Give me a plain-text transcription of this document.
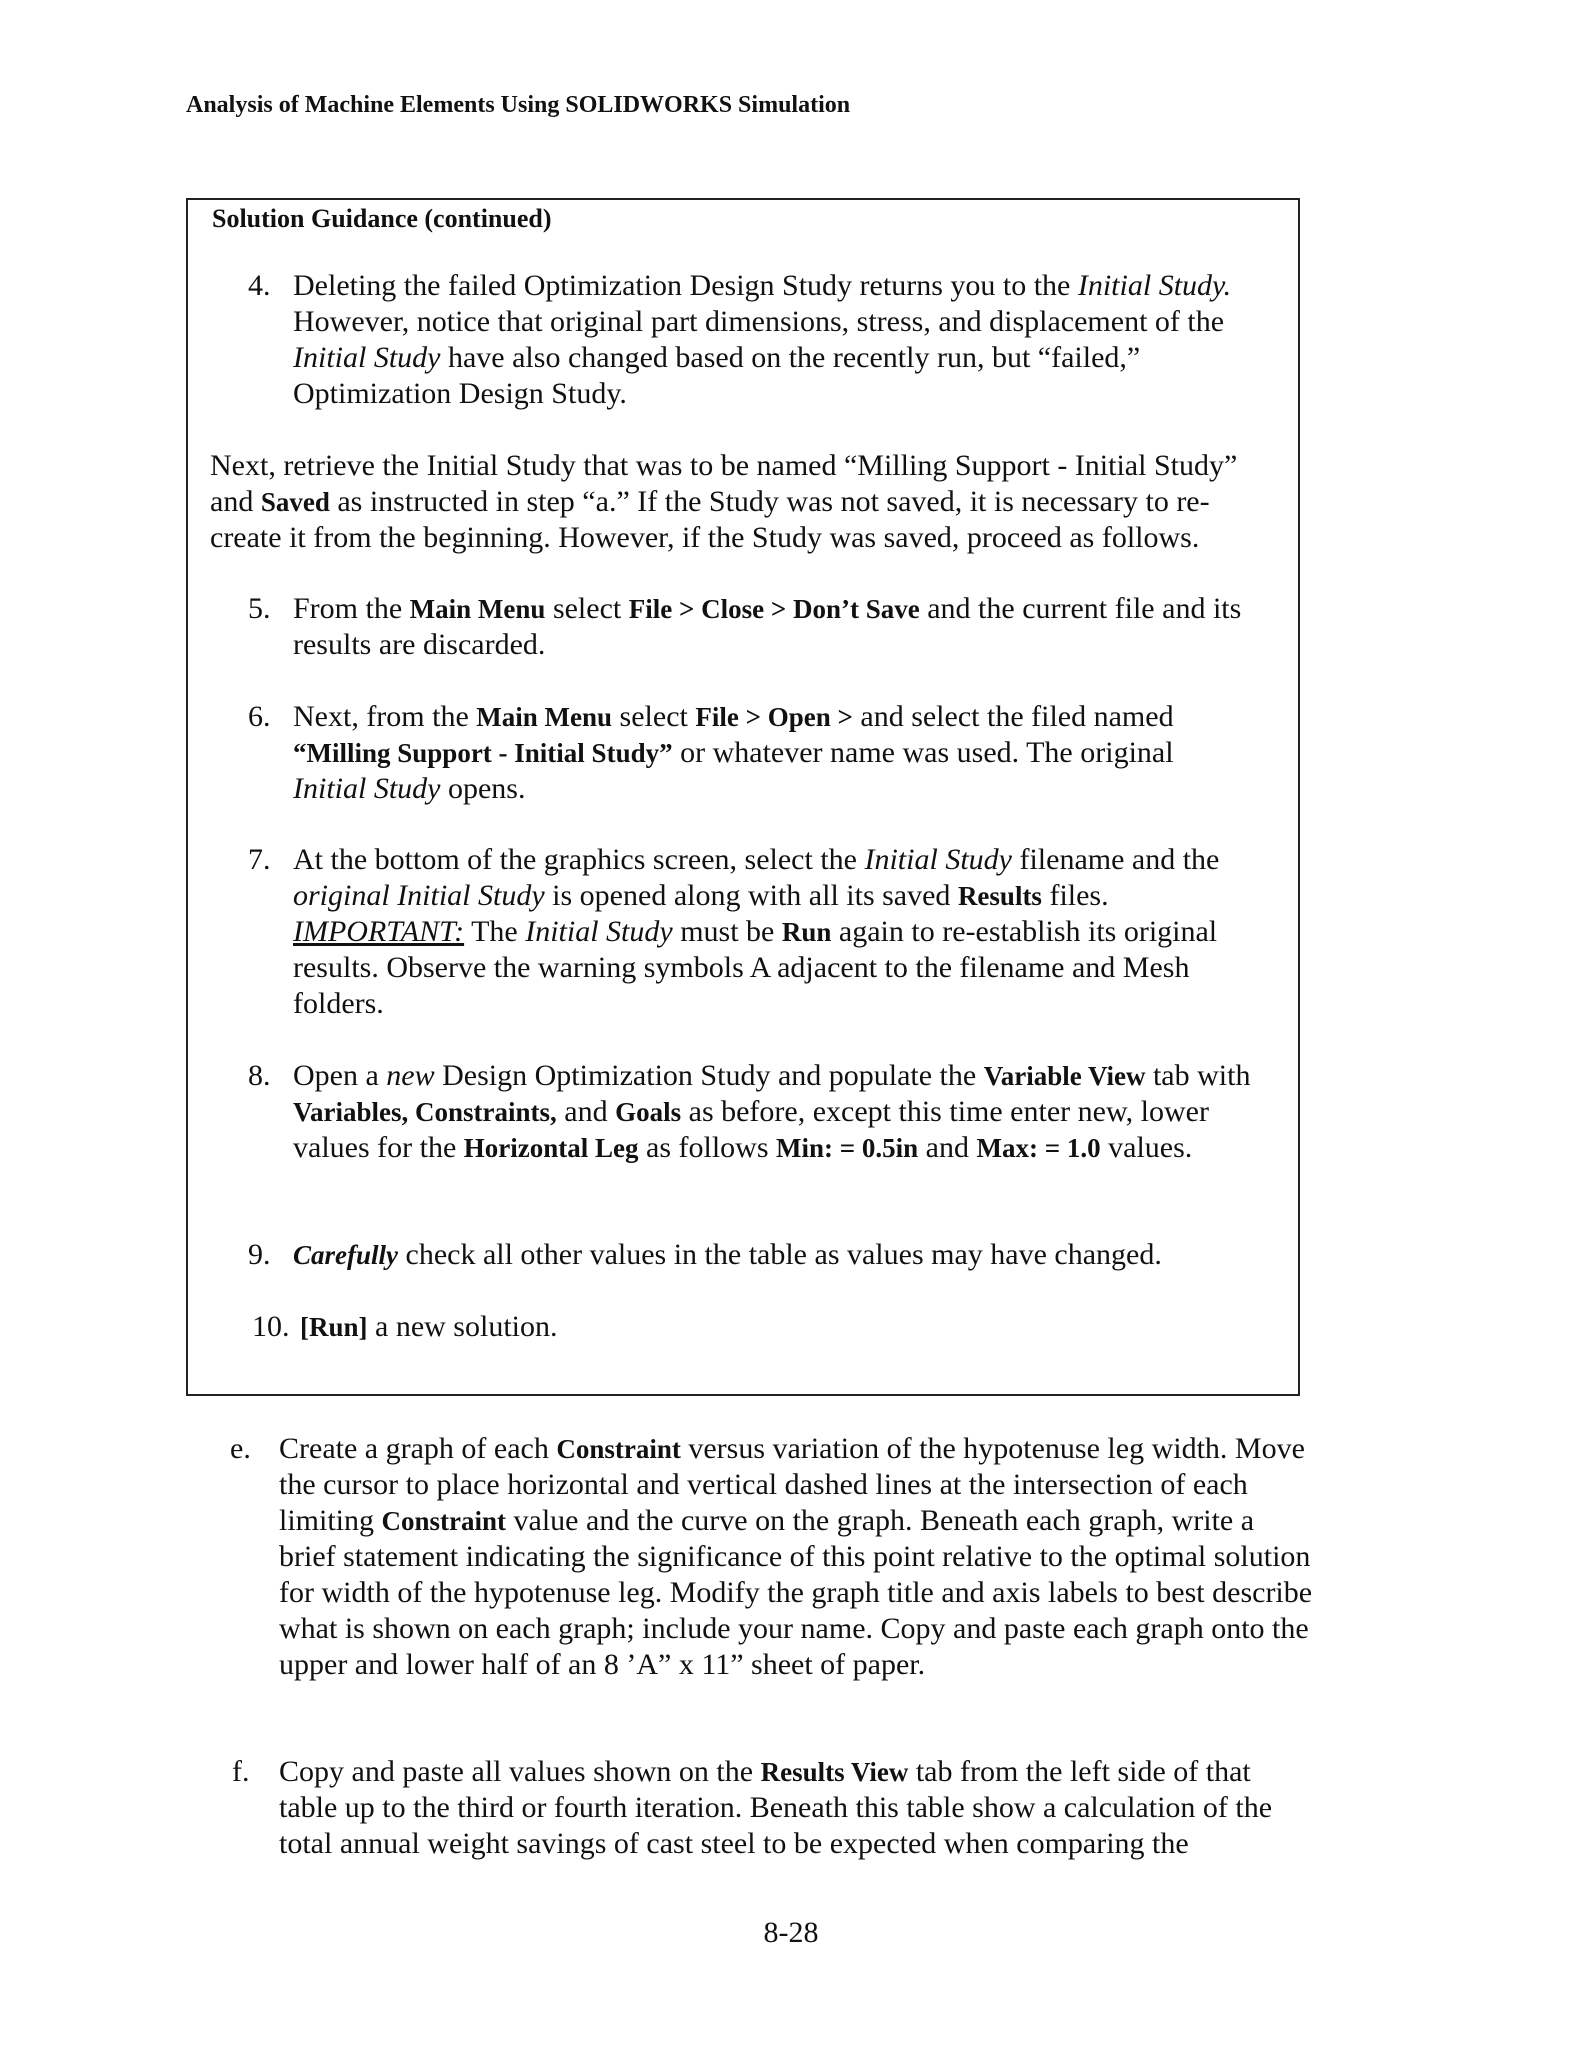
Analysis of Machine Elements Using SOLIDWORKS Simulation
Solution Guidance (continued)
4. Deleting the failed Optimization Design Study returns you to the Initial Study. However, notice that original part dimensions, stress, and displacement of the Initial Study have also changed based on the recently run, but “failed,” Optimization Design Study.
Next, retrieve the Initial Study that was to be named “Milling Support - Initial Study” and Saved as instructed in step “a.” If the Study was not saved, it is necessary to re-create it from the beginning. However, if the Study was saved, proceed as follows.
5. From the Main Menu select File > Close > Don’t Save and the current file and its results are discarded.
6. Next, from the Main Menu select File > Open > and select the filed named “Milling Support - Initial Study” or whatever name was used. The original Initial Study opens.
7. At the bottom of the graphics screen, select the Initial Study filename and the original Initial Study is opened along with all its saved Results files.
IMPORTANT: The Initial Study must be Run again to re-establish its original results. Observe the warning symbols A adjacent to the filename and Mesh folders.
8. Open a new Design Optimization Study and populate the Variable View tab with Variables, Constraints, and Goals as before, except this time enter new, lower values for the Horizontal Leg as follows Min: = 0.5in and Max: = 1.0 values.
9. Carefully check all other values in the table as values may have changed.
10. [Run] a new solution.
e. Create a graph of each Constraint versus variation of the hypotenuse leg width. Move the cursor to place horizontal and vertical dashed lines at the intersection of each limiting Constraint value and the curve on the graph. Beneath each graph, write a brief statement indicating the significance of this point relative to the optimal solution for width of the hypotenuse leg. Modify the graph title and axis labels to best describe what is shown on each graph; include your name. Copy and paste each graph onto the upper and lower half of an 8 ’A” x 11” sheet of paper.
f. Copy and paste all values shown on the Results View tab from the left side of that table up to the third or fourth iteration. Beneath this table show a calculation of the total annual weight savings of cast steel to be expected when comparing the
8-28
